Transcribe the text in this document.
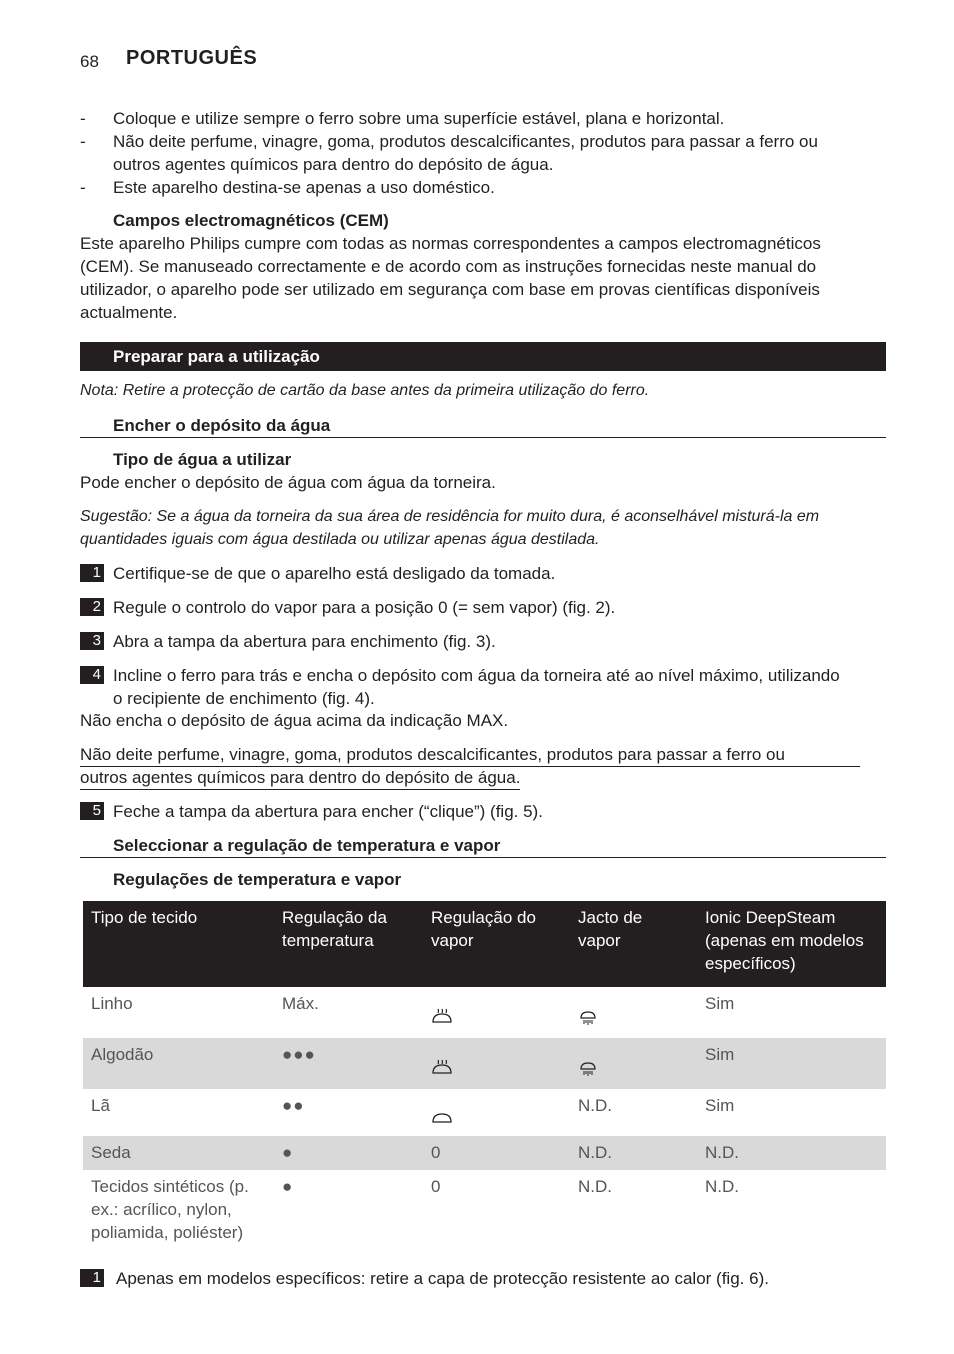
68 PORTUGUÊS
- Coloque e utilize sempre o ferro sobre uma superfície estável, plana e horizontal.
- Não deite perfume, vinagre, goma, produtos descalcificantes, produtos para passar a ferro ou outros agentes químicos para dentro do depósito de água.
- Este aparelho destina-se apenas a uso doméstico.
Campos electromagnéticos (CEM)
Este aparelho Philips cumpre com todas as normas correspondentes a campos electromagnéticos (CEM). Se manuseado correctamente e de acordo com as instruções fornecidas neste manual do utilizador, o aparelho pode ser utilizado em segurança com base em provas científicas disponíveis actualmente.
Preparar para a utilização
Nota: Retire a protecção de cartão da base antes da primeira utilização do ferro.
Encher o depósito da água
Tipo de água a utilizar
Pode encher o depósito de água com água da torneira.
Sugestão: Se a água da torneira da sua área de residência for muito dura, é aconselhável misturá-la em quantidades iguais com água destilada ou utilizar apenas água destilada.
1 Certifique-se de que o aparelho está desligado da tomada.
2 Regule o controlo do vapor para a posição 0 (= sem vapor) (fig. 2).
3 Abra a tampa da abertura para enchimento (fig. 3).
4 Incline o ferro para trás e encha o depósito com água da torneira até ao nível máximo, utilizando o recipiente de enchimento (fig. 4).
Não encha o depósito de água acima da indicação MAX.
Não deite perfume, vinagre, goma, produtos descalcificantes, produtos para passar a ferro ou
outros agentes químicos para dentro do depósito de água.
5 Feche a tampa da abertura para encher (“clique”) (fig. 5).
Seleccionar a regulação de temperatura e vapor
Regulações de temperatura e vapor
Tipo de tecido	Regulação da temperatura	Regulação do vapor	Jacto de vapor	Ionic DeepSteam (apenas em modelos específicos)
Linho	Máx.			Sim
Algodão	●●●			Sim
Lã	●●		N.D.	Sim
Seda	●	0	N.D.	N.D.
Tecidos sintéticos (p. ex.: acrílico, nylon, poliamida, poliéster)	●	0	N.D.	N.D.
1 Apenas em modelos específicos: retire a capa de protecção resistente ao calor (fig. 6).
